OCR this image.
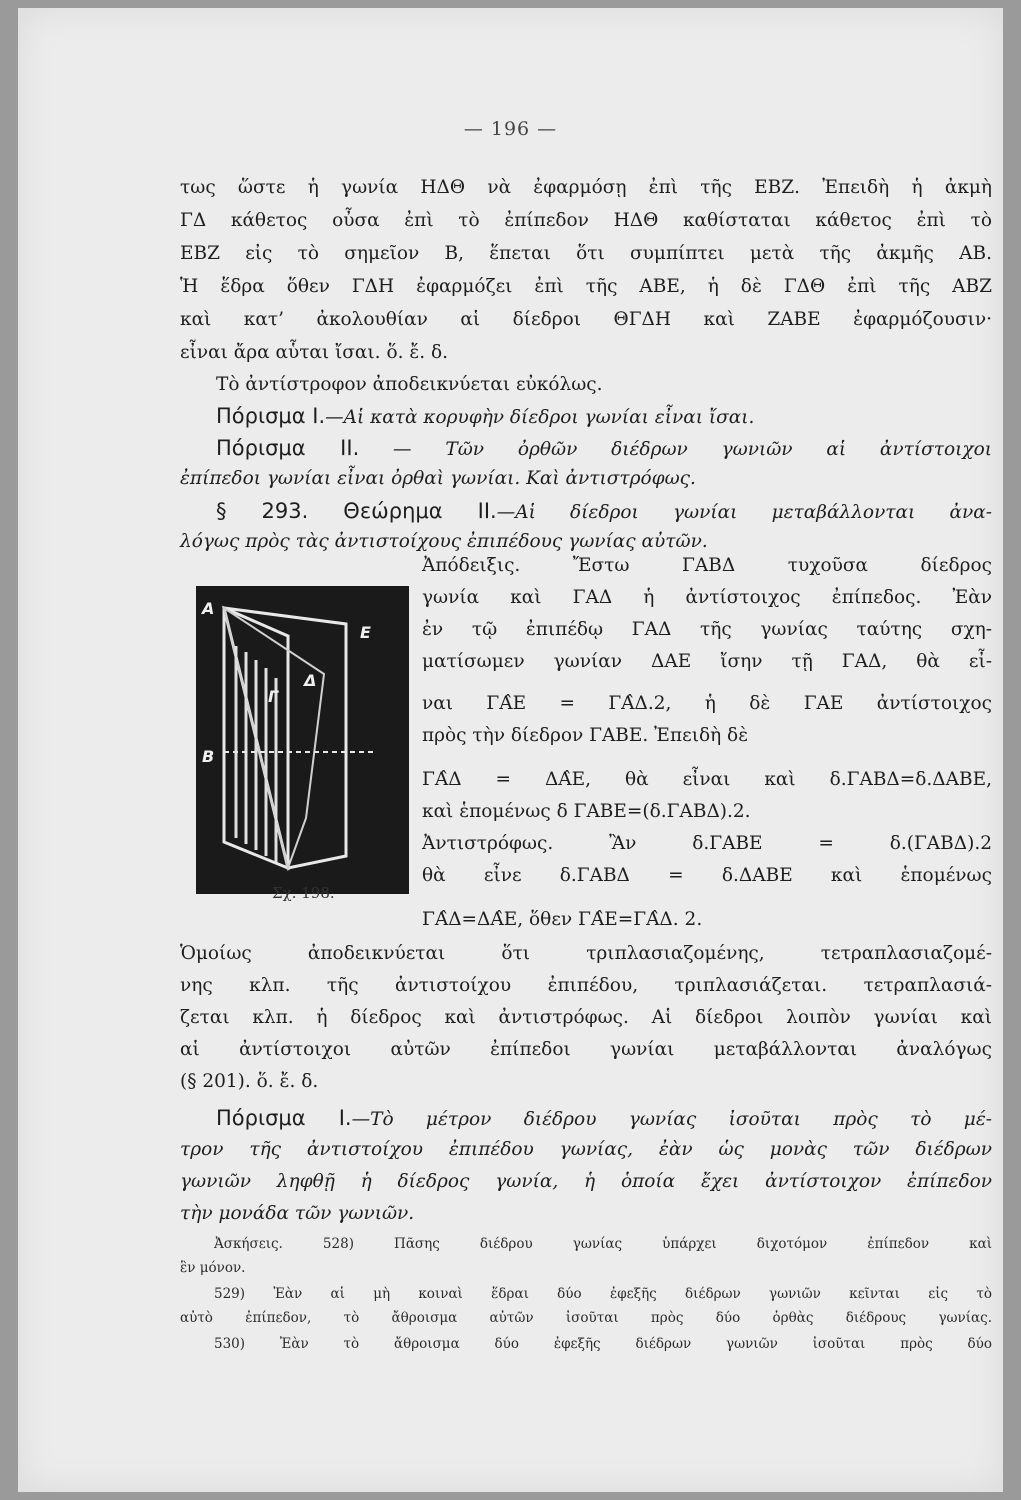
— 196 —
τως ὥστε ἡ γωνία ΗΔΘ νὰ ἐφαρμόσῃ ἐπὶ τῆς ΕΒΖ. Ἐπειδὴ ἡ ἀκμὴ
ΓΔ κάθετος οὖσα ἐπὶ τὸ ἐπίπεδον ΗΔΘ καθίσταται κάθετος ἐπὶ τὸ
ΕΒΖ εἰς τὸ σημεῖον Β, ἕπεται ὅτι συμπίπτει μετὰ τῆς ἀκμῆς ΑΒ.
Ἡ ἕδρα ὅθεν ΓΔΗ ἐφαρμόζει ἐπὶ τῆς ΑΒΕ, ἡ δὲ ΓΔΘ ἐπὶ τῆς ΑΒΖ
καὶ κατ’ ἀκολουθίαν αἱ δίεδροι ΘΓΔΗ καὶ ΖΑΒΕ ἐφαρμόζουσιν·
εἶναι ἄρα αὗται ἴσαι. ὅ. ἔ. δ.
Τὸ ἀντίστροφον ἀποδεικνύεται εὐκόλως.
Πόρισμα Ι.—Αἱ κατὰ κορυφὴν δίεδροι γωνίαι εἶναι ἴσαι.
Πόρισμα ΙΙ. — Τῶν ὀρθῶν διέδρων γωνιῶν αἱ ἀντίστοιχοι
ἐπίπεδοι γωνίαι εἶναι ὀρθαὶ γωνίαι. Καὶ ἀντιστρόφως.
§ 293. Θεώρημα ΙΙ.—Αἱ δίεδροι γωνίαι μεταβάλλονται ἀνα-
λόγως πρὸς τὰς ἀντιστοίχους ἐπιπέδους γωνίας αὐτῶν.
Α
Ε
Δ
Γ
Β
Σχ. 198.
Ἀπόδειξις. Ἔστω ΓΑΒΔ τυχοῦσα δίεδρος
γωνία καὶ ΓΑΔ ἡ ἀντίστοιχος ἐπίπεδος. Ἐὰν
ἐν τῷ ἐπιπέδῳ ΓΑΔ τῆς γωνίας ταύτης σχη-
ματίσωμεν γωνίαν ΔΑΕ ἴσην τῇ ΓΑΔ, θὰ εἶ-
ναι ΓΑ̂Ε = ΓΑ̂Δ.2, ἡ δὲ ΓΑΕ ἀντίστοιχος
πρὸς τὴν δίεδρον ΓΑΒΕ. Ἐπειδὴ δὲ
ΓΑ̂Δ = ΔΑ̂Ε, θὰ εἶναι καὶ δ.ΓΑΒΔ=δ.ΔΑΒΕ,
καὶ ἑπομένως δ ΓΑΒΕ=(δ.ΓΑΒΔ).2.
Ἀντιστρόφως. Ἂν δ.ΓΑΒΕ = δ.(ΓΑΒΔ).2
θὰ εἶνε δ.ΓΑΒΔ = δ.ΔΑΒΕ καὶ ἑπομένως
ΓΑ̂Δ=ΔΑ̂Ε, ὅθεν ΓΑ̂Ε=ΓΑ̂Δ. 2.
Ὁμοίως ἀποδεικνύεται ὅτι τριπλασιαζομένης, τετραπλασιαζομέ-
νης κλπ. τῆς ἀντιστοίχου ἐπιπέδου, τριπλασιάζεται. τετραπλασιά-
ζεται κλπ. ἡ δίεδρος καὶ ἀντιστρόφως. Αἱ δίεδροι λοιπὸν γωνίαι καὶ
αἱ ἀντίστοιχοι αὐτῶν ἐπίπεδοι γωνίαι μεταβάλλονται ἀναλόγως
(§ 201). ὅ. ἔ. δ.
Πόρισμα Ι.—Τὸ μέτρον διέδρου γωνίας ἰσοῦται πρὸς τὸ μέ-
τρον τῆς ἀντιστοίχου ἐπιπέδου γωνίας, ἐὰν ὡς μονὰς τῶν διέδρων
γωνιῶν ληφθῇ ἡ δίεδρος γωνία, ἡ ὁποία ἔχει ἀντίστοιχον ἐπίπεδον
τὴν μονάδα τῶν γωνιῶν.
Ἀσκήσεις. 528) Πᾶσης διέδρου γωνίας ὑπάρχει διχοτόμον ἐπίπεδον καὶ
ἓν μόνον.
529) Ἐὰν αἱ μὴ κοιναὶ ἕδραι δύο ἐφεξῆς διέδρων γωνιῶν κεῖνται εἰς τὸ
αὐτὸ ἐπίπεδον, τὸ ἄθροισμα αὐτῶν ἰσοῦται πρὸς δύο ὀρθὰς διέδρους γωνίας.
530) Ἐὰν τὸ ἄθροισμα δύο ἐφεξῆς διέδρων γωνιῶν ἰσοῦται πρὸς δύο
